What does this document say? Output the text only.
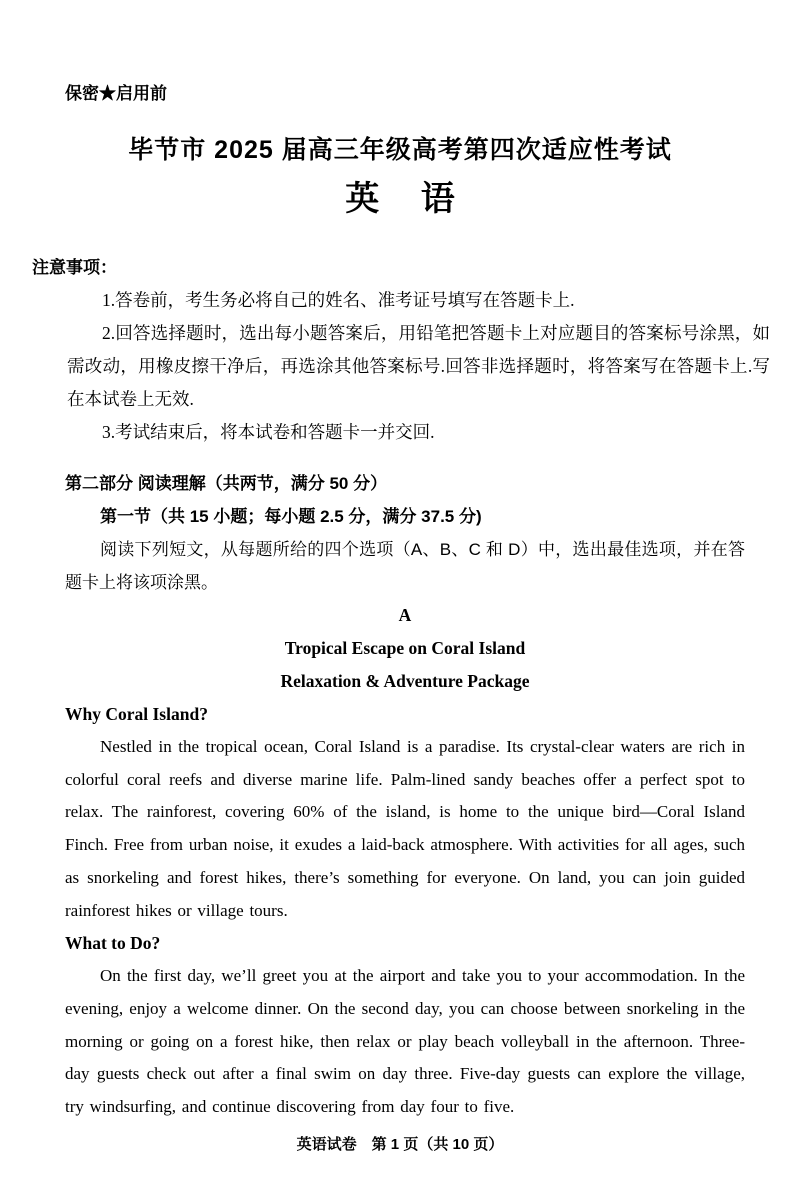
保密★启用前
毕节市 2025 届高三年级高考第四次适应性考试
英 语
注意事项：

1.答卷前，考生务必将自己的姓名、准考证号填写在答题卡上.

2.回答选择题时，选出每小题答案后，用铅笔把答题卡上对应题目的答案标号涂黑，如需改动，用橡皮擦干净后，再选涂其他答案标号.回答非选择题时，将答案写在答题卡上.写在本试卷上无效.

3.考试结束后，将本试卷和答题卡一并交回.

第二部分 阅读理解（共两节，满分 50 分）
第一节（共 15 小题；每小题 2.5 分，满分 37.5 分)

阅读下列短文，从每题所给的四个选项（A、B、C 和 D）中，选出最佳选项，并在答题卡上将该项涂黑。

A
Tropical Escape on Coral Island
Relaxation & Adventure Package
Why Coral Island?

Nestled in the tropical ocean, Coral Island is a paradise. Its crystal-clear waters are rich in colorful coral reefs and diverse marine life. Palm-lined sandy beaches offer a perfect spot to relax. The rainforest, covering 60% of the island, is home to the unique bird—Coral Island Finch. Free from urban noise, it exudes a laid-back atmosphere. With activities for all ages, such as snorkeling and forest hikes, there’s something for everyone. On land, you can join guided rainforest hikes or village tours.

What to Do?

On the first day, we’ll greet you at the airport and take you to your accommodation. In the evening, enjoy a welcome dinner. On the second day, you can choose between snorkeling in the morning or going on a forest hike, then relax or play beach volleyball in the afternoon. Three-day guests check out after a final swim on day three. Five-day guests can explore the village, try windsurfing, and continue discovering from day four to five.

英语试卷　第 1 页（共 10 页）
